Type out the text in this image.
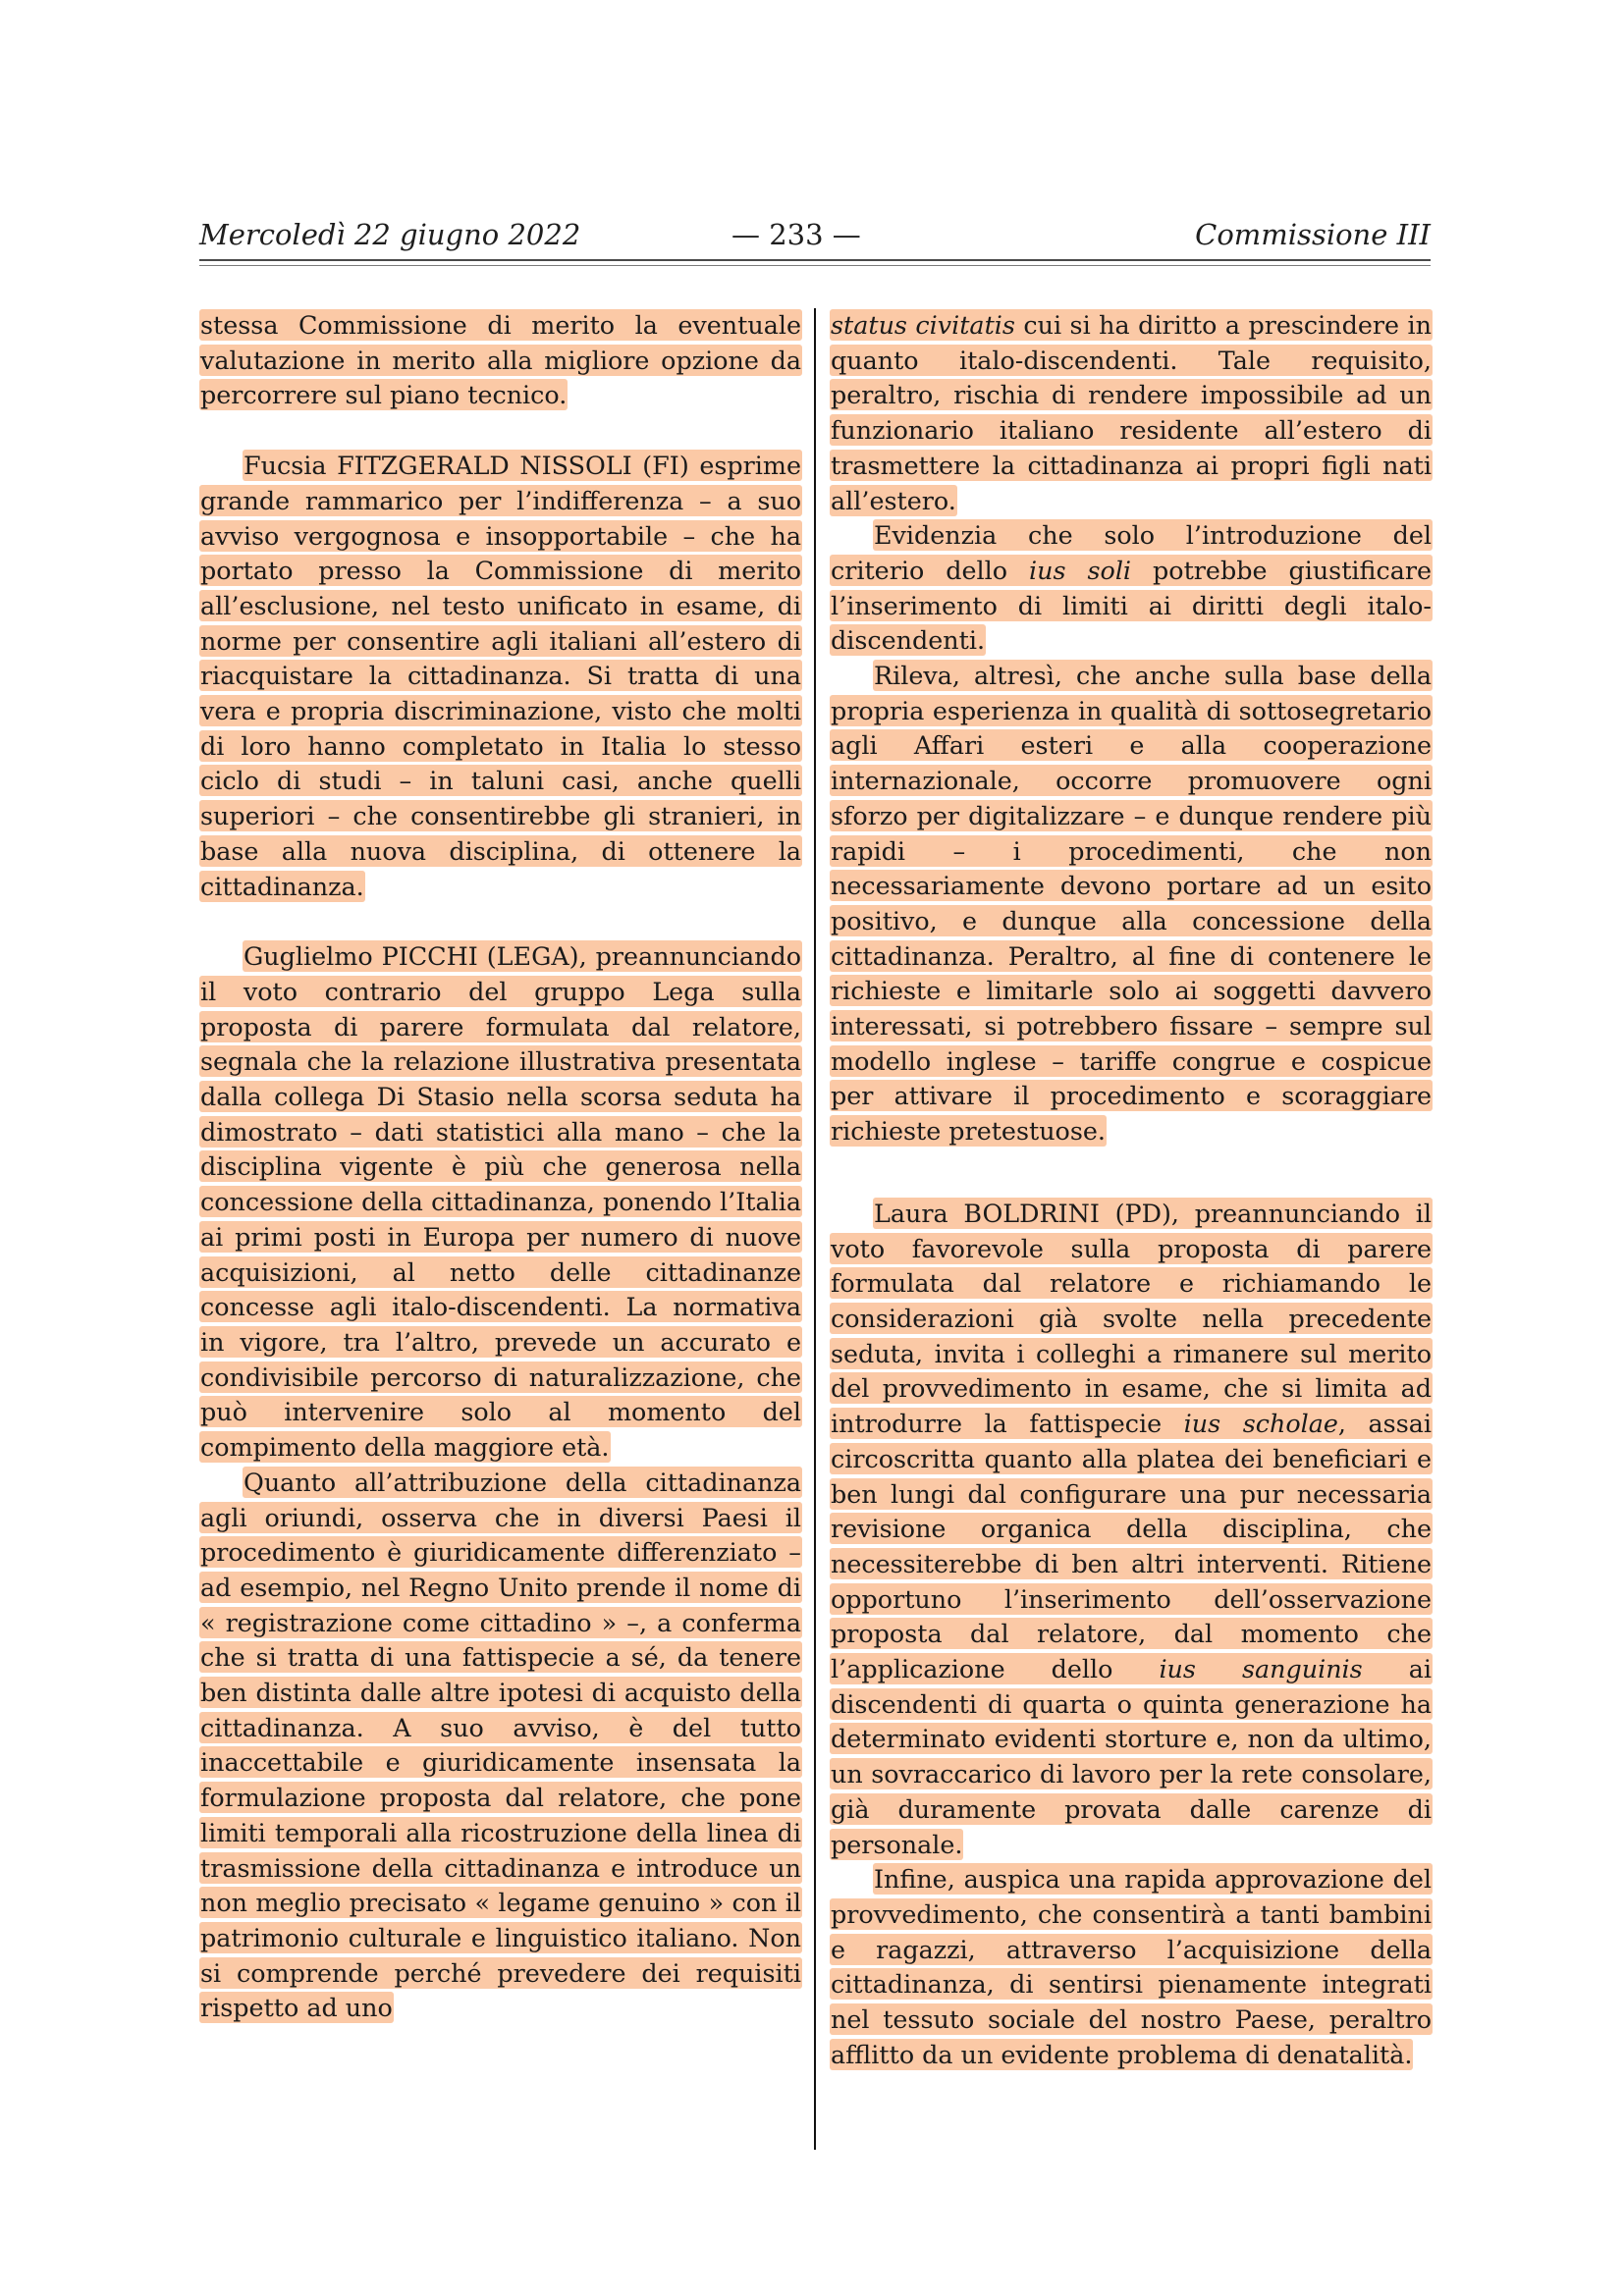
Mercoledì 22 giugno 2022	— 233 —	Commissione III

stessa Commissione di merito la eventuale valutazione in merito alla migliore opzione da percorrere sul piano tecnico.

Fucsia FITZGERALD NISSOLI (FI) esprime grande rammarico per l’indifferenza – a suo avviso vergognosa e insopportabile – che ha portato presso la Commissione di merito all’esclusione, nel testo unificato in esame, di norme per consentire agli italiani all’estero di riacquistare la cittadinanza. Si tratta di una vera e propria discriminazione, visto che molti di loro hanno completato in Italia lo stesso ciclo di studi – in taluni casi, anche quelli superiori – che consentirebbe gli stranieri, in base alla nuova disciplina, di ottenere la cittadinanza.

Guglielmo PICCHI (LEGA), preannunciando il voto contrario del gruppo Lega sulla proposta di parere formulata dal relatore, segnala che la relazione illustrativa presentata dalla collega Di Stasio nella scorsa seduta ha dimostrato – dati statistici alla mano – che la disciplina vigente è più che generosa nella concessione della cittadinanza, ponendo l’Italia ai primi posti in Europa per numero di nuove acquisizioni, al netto delle cittadinanze concesse agli italo-discendenti. La normativa in vigore, tra l’altro, prevede un accurato e condivisibile percorso di naturalizzazione, che può intervenire solo al momento del compimento della maggiore età.

Quanto all’attribuzione della cittadinanza agli oriundi, osserva che in diversi Paesi il procedimento è giuridicamente differenziato – ad esempio, nel Regno Unito prende il nome di « registrazione come cittadino » –, a conferma che si tratta di una fattispecie a sé, da tenere ben distinta dalle altre ipotesi di acquisto della cittadinanza. A suo avviso, è del tutto inaccettabile e giuridicamente insensata la formulazione proposta dal relatore, che pone limiti temporali alla ricostruzione della linea di trasmissione della cittadinanza e introduce un non meglio precisato « legame genuino » con il patrimonio culturale e linguistico italiano. Non si comprende perché prevedere dei requisiti rispetto ad uno

status civitatis cui si ha diritto a prescindere in quanto italo-discendenti. Tale requisito, peraltro, rischia di rendere impossibile ad un funzionario italiano residente all’estero di trasmettere la cittadinanza ai propri figli nati all’estero.

Evidenzia che solo l’introduzione del criterio dello ius soli potrebbe giustificare l’inserimento di limiti ai diritti degli italo-discendenti.

Rileva, altresì, che anche sulla base della propria esperienza in qualità di sottosegretario agli Affari esteri e alla cooperazione internazionale, occorre promuovere ogni sforzo per digitalizzare – e dunque rendere più rapidi – i procedimenti, che non necessariamente devono portare ad un esito positivo, e dunque alla concessione della cittadinanza. Peraltro, al fine di contenere le richieste e limitarle solo ai soggetti davvero interessati, si potrebbero fissare – sempre sul modello inglese – tariffe congrue e cospicue per attivare il procedimento e scoraggiare richieste pretestuose.

Laura BOLDRINI (PD), preannunciando il voto favorevole sulla proposta di parere formulata dal relatore e richiamando le considerazioni già svolte nella precedente seduta, invita i colleghi a rimanere sul merito del provvedimento in esame, che si limita ad introdurre la fattispecie ius scholae, assai circoscritta quanto alla platea dei beneficiari e ben lungi dal configurare una pur necessaria revisione organica della disciplina, che necessiterebbe di ben altri interventi. Ritiene opportuno l’inserimento dell’osservazione proposta dal relatore, dal momento che l’applicazione dello ius sanguinis ai discendenti di quarta o quinta generazione ha determinato evidenti storture e, non da ultimo, un sovraccarico di lavoro per la rete consolare, già duramente provata dalle carenze di personale.

Infine, auspica una rapida approvazione del provvedimento, che consentirà a tanti bambini e ragazzi, attraverso l’acquisizione della cittadinanza, di sentirsi pienamente integrati nel tessuto sociale del nostro Paese, peraltro afflitto da un evidente problema di denatalità.
